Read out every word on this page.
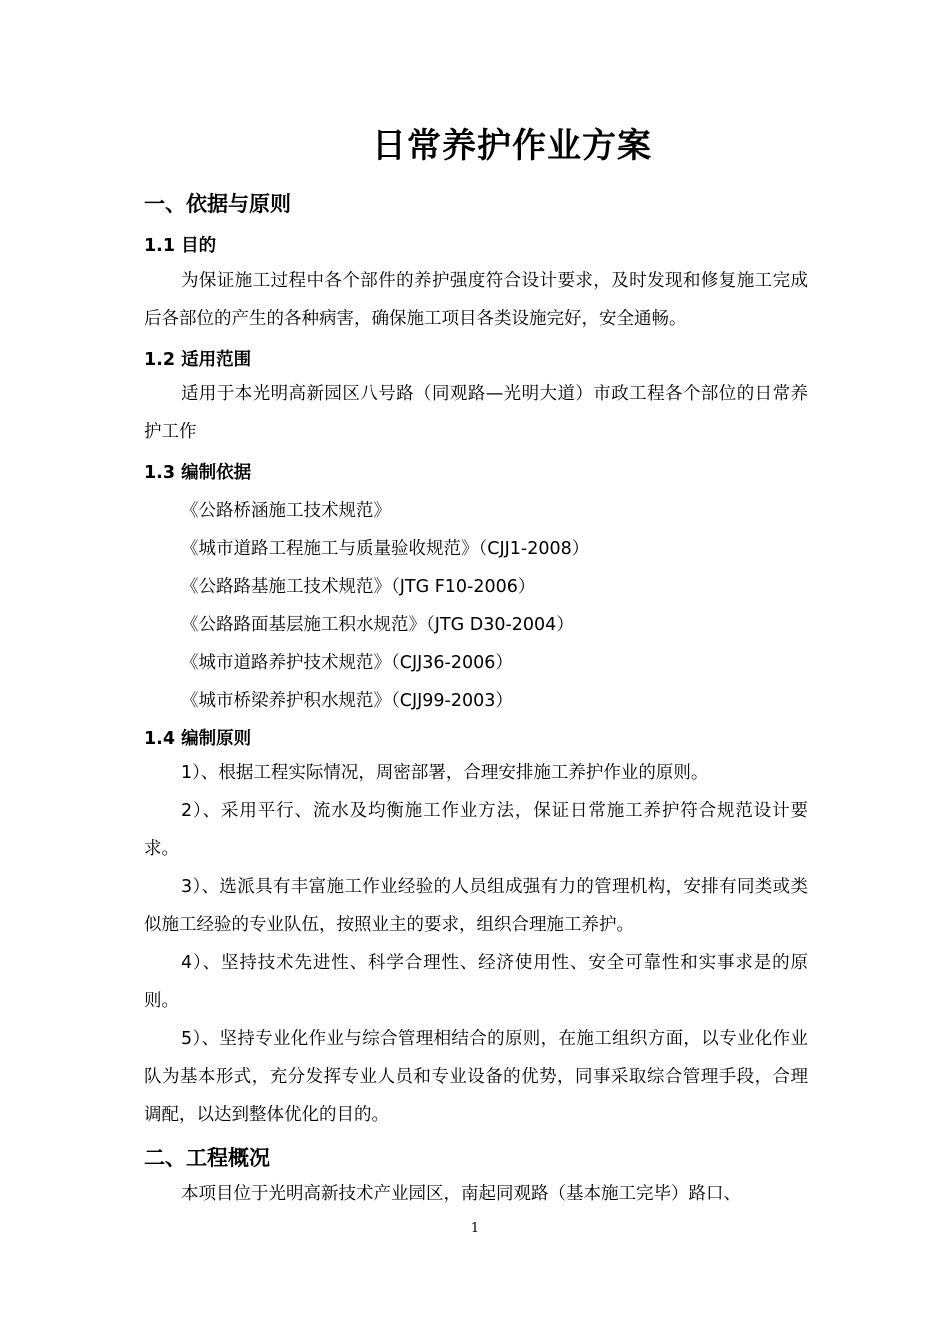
日常养护作业方案
一、依据与原则
1.1 目的
为保证施工过程中各个部件的养护强度符合设计要求，及时发现和修复施工完成后各部位的产生的各种病害，确保施工项目各类设施完好，安全通畅。
1.2 适用范围
适用于本光明高新园区八号路（同观路—光明大道）市政工程各个部位的日常养护工作
1.3 编制依据
《公路桥涵施工技术规范》
《城市道路工程施工与质量验收规范》（CJJ1-2008）
《公路路基施工技术规范》（JTG F10-2006）
《公路路面基层施工积水规范》（JTG D30-2004）
《城市道路养护技术规范》（CJJ36-2006）
《城市桥梁养护积水规范》（CJJ99-2003）
1.4 编制原则
1）、根据工程实际情况，周密部署，合理安排施工养护作业的原则。
2）、采用平行、流水及均衡施工作业方法，保证日常施工养护符合规范设计要求。
3）、选派具有丰富施工作业经验的人员组成强有力的管理机构，安排有同类或类似施工经验的专业队伍，按照业主的要求，组织合理施工养护。
4）、坚持技术先进性、科学合理性、经济使用性、安全可靠性和实事求是的原则。
5）、坚持专业化作业与综合管理相结合的原则，在施工组织方面，以专业化作业队为基本形式，充分发挥专业人员和专业设备的优势，同事采取综合管理手段，合理调配，以达到整体优化的目的。
二、工程概况
本项目位于光明高新技术产业园区，南起同观路（基本施工完毕）路口、
1
